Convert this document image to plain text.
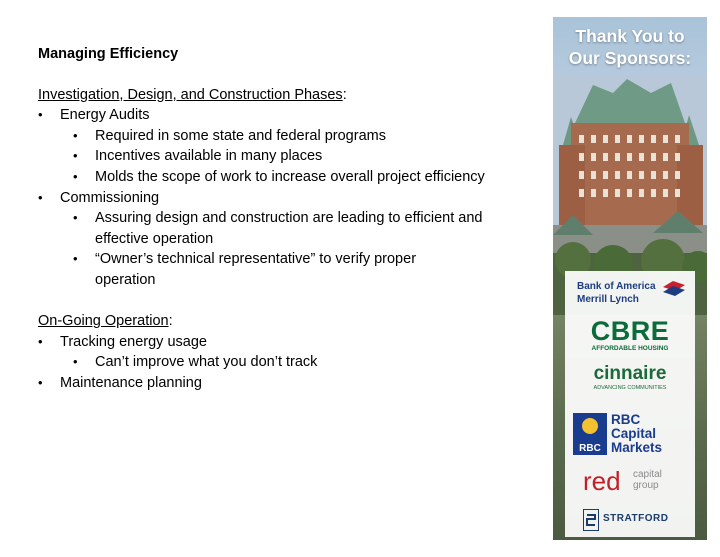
Managing Efficiency
Investigation, Design, and Construction Phases:
• Energy Audits
• Required in some state and federal programs
• Incentives available in many places
• Molds the scope of work to increase overall project efficiency
• Commissioning
• Assuring design and construction are leading to efficient and effective operation
• “Owner’s technical representative” to verify proper operation
On-Going Operation:
• Tracking energy usage
• Can’t improve what you don’t track
• Maintenance planning
Thank You to
Our Sponsors:
Bank of America
Merrill Lynch
CBRE
AFFORDABLE HOUSING
cinnaire
ADVANCING COMMUNITIES
RBC
RBC
Capital
Markets
red capital
group
STRATFORD
